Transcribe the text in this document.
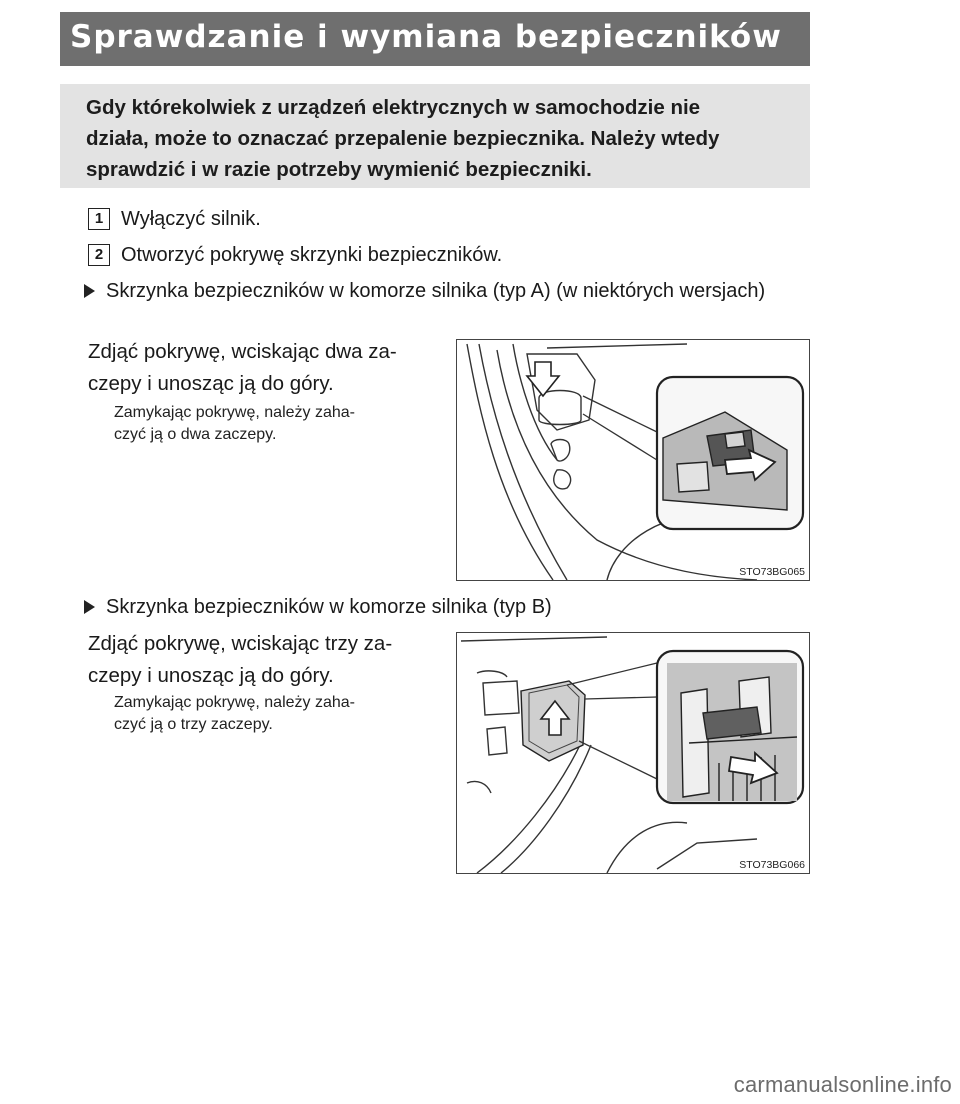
Sprawdzanie i wymiana bezpieczników

Gdy którekolwiek z urządzeń elektrycznych w samochodzie nie

działa, może to oznaczać przepalenie bezpiecznika. Należy wtedy

sprawdzić i w razie potrzeby wymienić bezpieczniki.

1 Wyłączyć silnik.
2 Otworzyć pokrywę skrzynki bezpieczników.
Skrzynka bezpieczników w komorze silnika (typ A) (w niektórych wersjach)
Zdjąć pokrywę, wciskając dwa za-
czepy i unosząc ją do góry.
Zamykając pokrywę, należy zaha-
czyć ją o dwa zaczepy.
STO73BG065
Skrzynka bezpieczników w komorze silnika (typ B)
Zdjąć pokrywę, wciskając trzy za-
czepy i unosząc ją do góry.
Zamykając pokrywę, należy zaha-
czyć ją o trzy zaczepy.
STO73BG066
carmanualsonline.info
